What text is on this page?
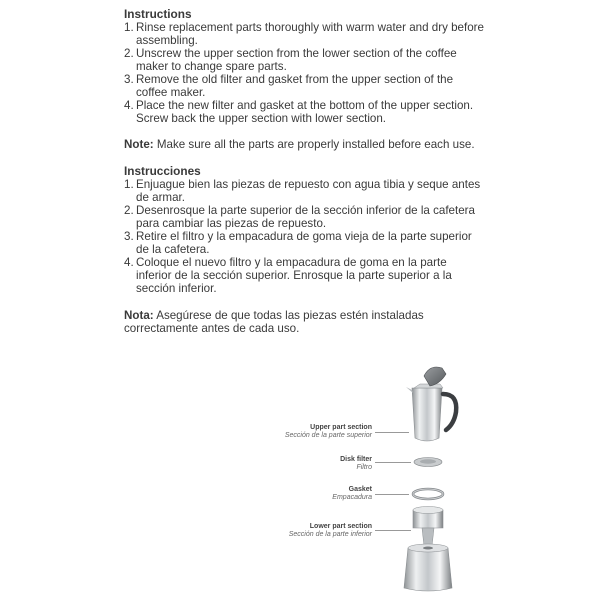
Instructions

1. Rinse replacement parts thoroughly with warm water and dry before assembling.
2. Unscrew the upper section from the lower section of the coffee maker to change spare parts.
3. Remove the old filter and gasket from the upper section of the coffee maker.
4. Place the new filter and gasket at the bottom of the upper section. Screw back the upper section with lower section.

Note: Make sure all the parts are properly installed before each use.

Instrucciones

1. Enjuague bien las piezas de repuesto con agua tibia y seque antes de armar.
2. Desenrosque la parte superior de la sección inferior de la cafetera para cambiar las piezas de repuesto.
3. Retire el filtro y la empacadura de goma vieja de la parte superior de la cafetera.
4. Coloque el nuevo filtro y la empacadura de goma en la parte inferior de la sección superior. Enrosque la parte superior a la sección inferior.

Nota: Asegúrese de que todas las piezas estén instaladas correctamente antes de cada uso.

Upper part section
Sección de la parte superior
Disk filter
Filtro
Gasket
Empacadura
Lower part section
Sección de la parte inferior
